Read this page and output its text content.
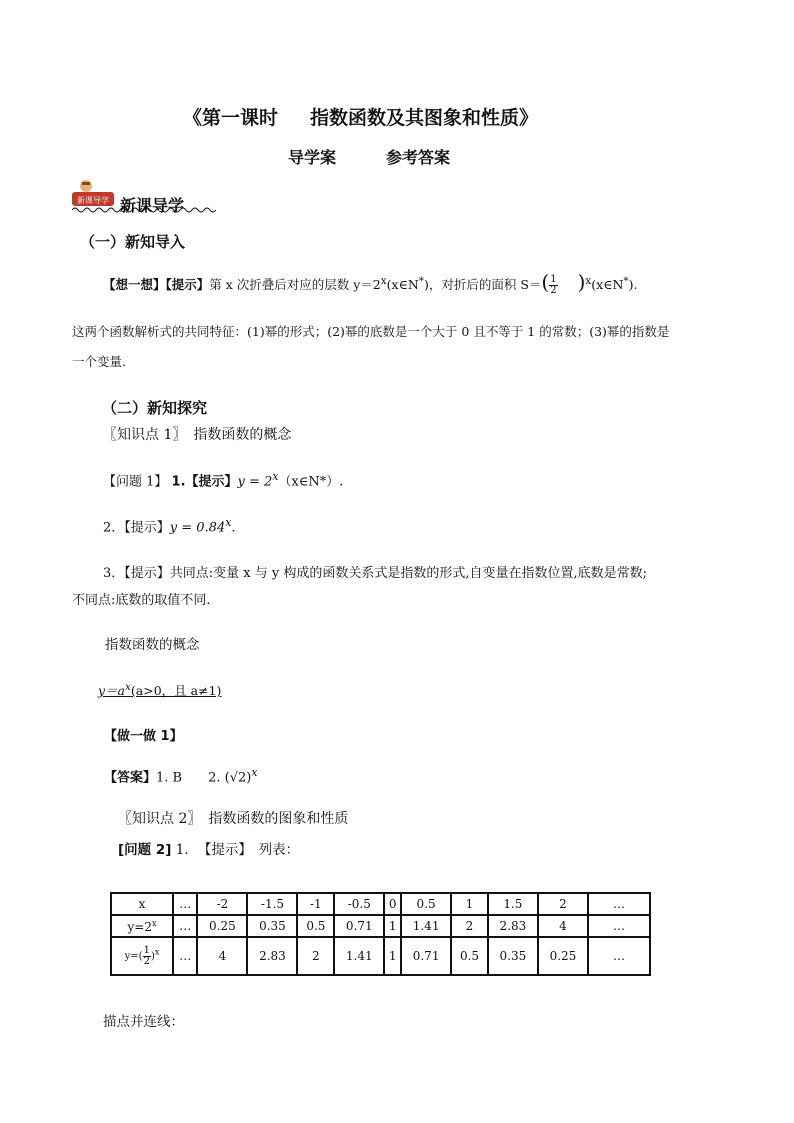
《第一课时 指数函数及其图象和性质》
导学案	参考答案
新课导学 新课导学
（一）新知导入
【想一想】【提示】第 x 次折叠后对应的层数 $y=2^x(x\in N^*)$，对折后的面积 $S=( \frac{1}{2}$ )$^x(x\in N^*)$.
这两个函数解析式的共同特征：(1)幂的形式；(2)幂的底数是一个大于 0 且不等于 1 的常数；(3)幂的指数是
一个变量.
（二）新知探究
〖知识点 1〗　指数函数的概念
【问题 1】 1.【提示】$y = 2^x(x\in N*)$.
2．【提示】$y = 0.84^x$.
3．【提示】共同点:变量 x 与 y 构成的函数关系式是指数的形式,自变量在指数位置,底数是常数;
不同点:底数的取值不同.
指数函数的概念
$y=a^x(a>0$，且 a≠1)
【做一做 1】
【答案】1. B　　2. $(√2)^x$
〖知识点 2〗　指数函数的图象和性质
[问题 2] 1．　【提示】　列表：
x	…	-2	-1.5	-1	-0.5	0	0.5	1	1.5	2	…
$y=2^x$	…	0.25	0.35	0.5	0.71	1	1.41	2	2.83	4	…
$y=( \frac{1}{2} )^x$	…	4	2.83	2	1.41	1	0.71	0.5	0.35	0.25	…
描点并连线：
